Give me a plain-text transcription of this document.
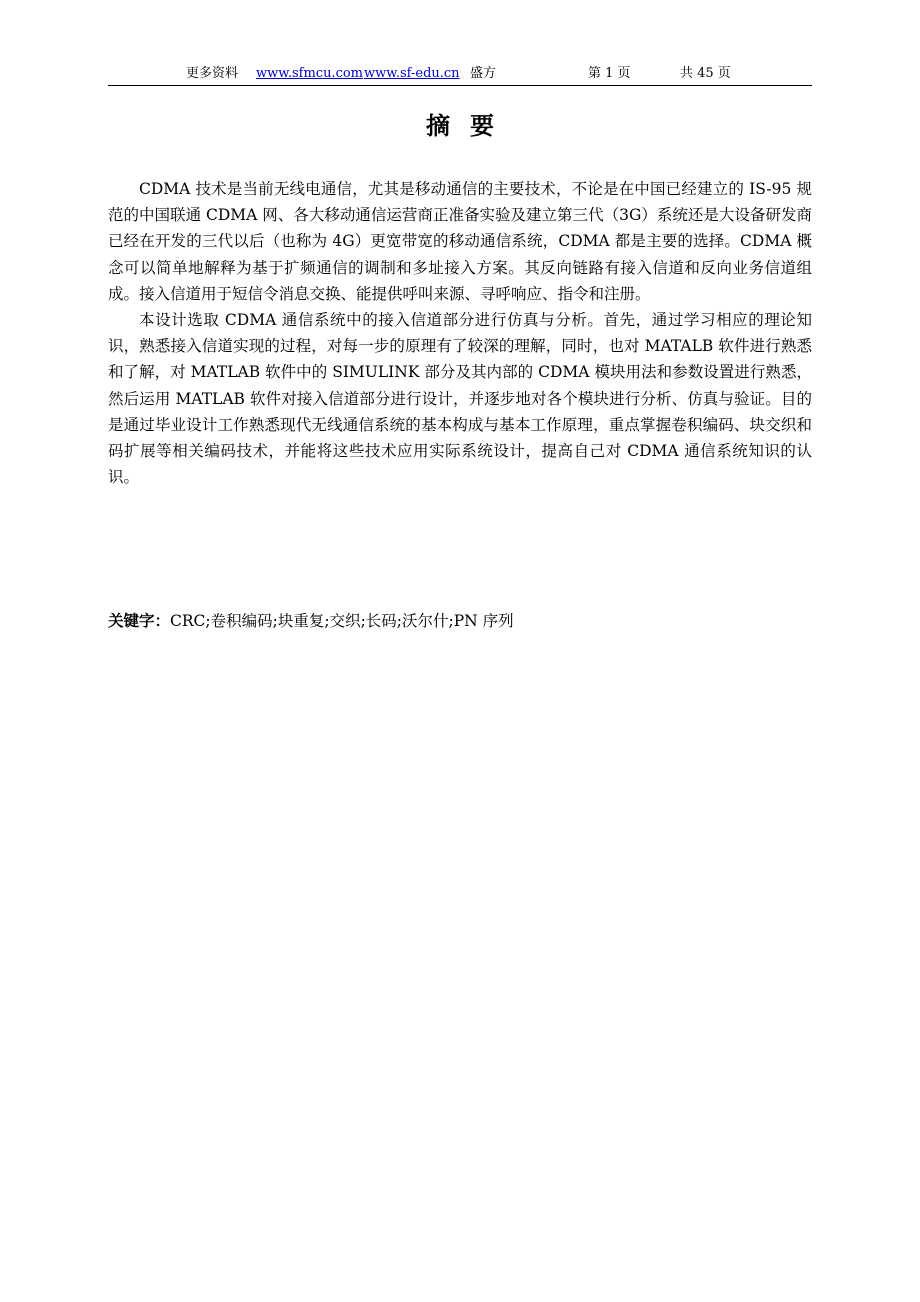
更多资料 www.sfmcu.com www.sf-edu.cn 盛方	第 1 页	共 45 页
摘要

CDMA 技术是当前无线电通信，尤其是移动通信的主要技术，不论是在中国已经建立的 IS-95 规范的中国联通 CDMA 网、各大移动通信运营商正准备实验及建立第三代（3G）系统还是大设备研发商已经在开发的三代以后（也称为 4G）更宽带宽的移动通信系统，CDMA 都是主要的选择。CDMA 概念可以简单地解释为基于扩频通信的调制和多址接入方案。其反向链路有接入信道和反向业务信道组成。接入信道用于短信令消息交换、能提供呼叫来源、寻呼响应、指令和注册。

本设计选取 CDMA 通信系统中的接入信道部分进行仿真与分析。首先，通过学习相应的理论知识，熟悉接入信道实现的过程，对每一步的原理有了较深的理解，同时，也对 MATALB 软件进行熟悉和了解，对 MATLAB 软件中的 SIMULINK 部分及其内部的 CDMA 模块用法和参数设置进行熟悉，然后运用 MATLAB 软件对接入信道部分进行设计，并逐步地对各个模块进行分析、仿真与验证。目的是通过毕业设计工作熟悉现代无线通信系统的基本构成与基本工作原理，重点掌握卷积编码、块交织和码扩展等相关编码技术，并能将这些技术应用实际系统设计，提高自己对 CDMA 通信系统知识的认识。

关键字：CRC;卷积编码;块重复;交织;长码;沃尔什;PN 序列
